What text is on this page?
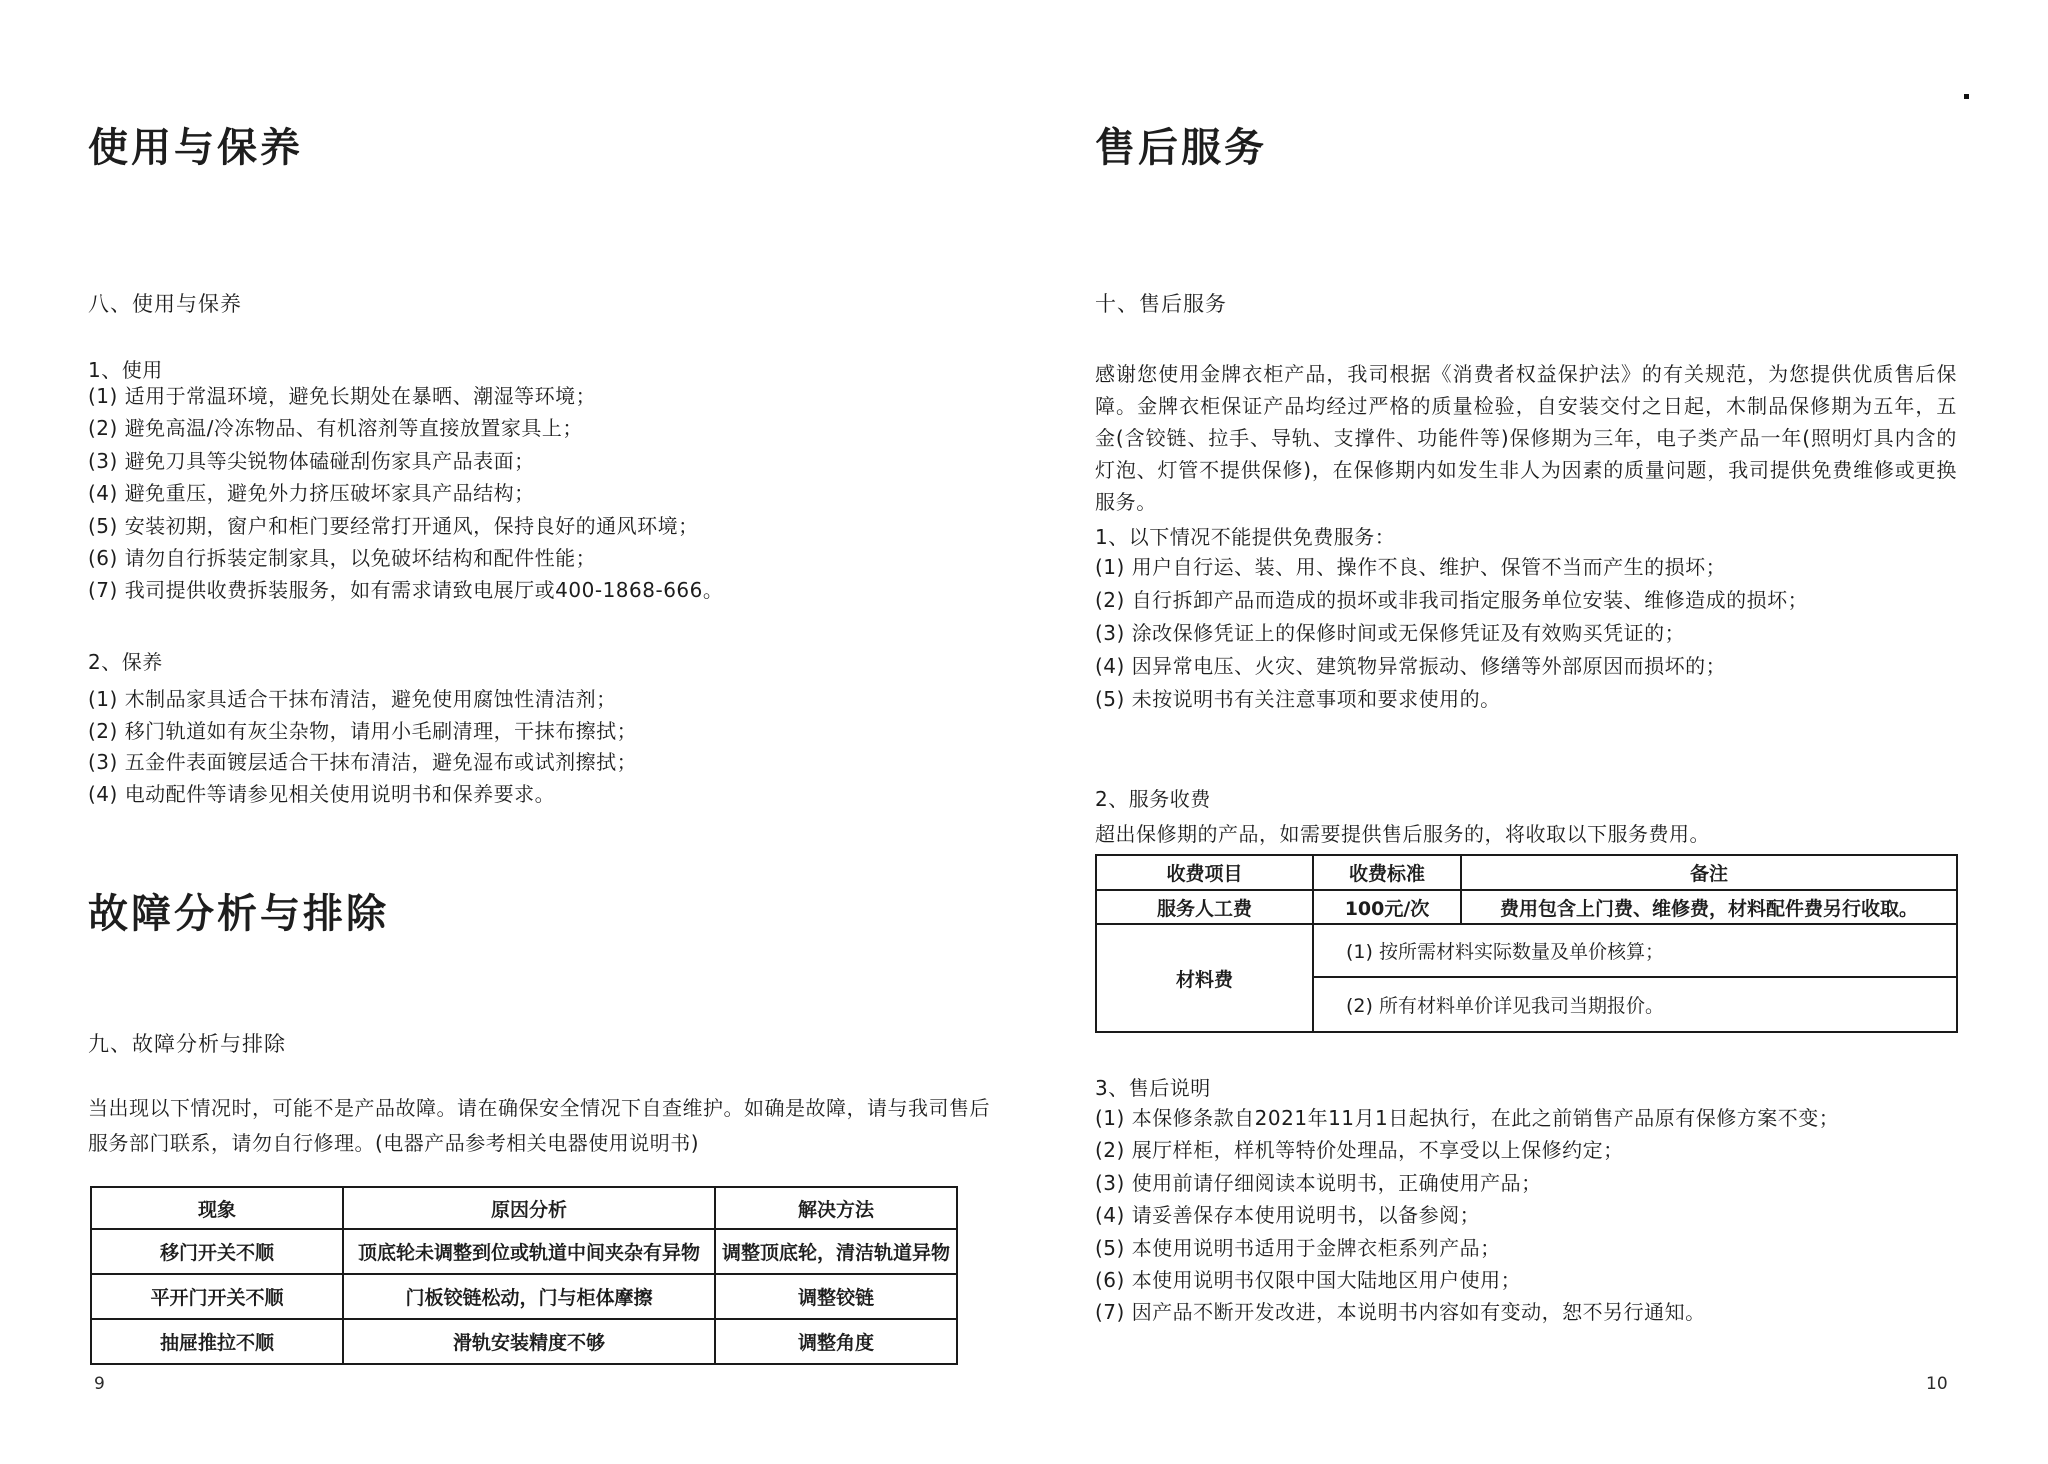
使用与保养
八、使用与保养
1、使用
(1) 适用于常温环境，避免长期处在暴晒、潮湿等环境；
(2) 避免高温/冷冻物品、有机溶剂等直接放置家具上；
(3) 避免刀具等尖锐物体磕碰刮伤家具产品表面；
(4) 避免重压，避免外力挤压破坏家具产品结构；
(5) 安装初期，窗户和柜门要经常打开通风，保持良好的通风环境；
(6) 请勿自行拆装定制家具，以免破坏结构和配件性能；
(7) 我司提供收费拆装服务，如有需求请致电展厅或400-1868-666。
2、保养
(1) 木制品家具适合干抹布清洁，避免使用腐蚀性清洁剂；
(2) 移门轨道如有灰尘杂物，请用小毛刷清理，干抹布擦拭；
(3) 五金件表面镀层适合干抹布清洁，避免湿布或试剂擦拭；
(4) 电动配件等请参见相关使用说明书和保养要求。
故障分析与排除
九、故障分析与排除
当出现以下情况时，可能不是产品故障。请在确保安全情况下自查维护。如确是故障，请与我司售后
服务部门联系，请勿自行修理。(电器产品参考相关电器使用说明书)
现象	原因分析	解决方法
移门开关不顺	顶底轮未调整到位或轨道中间夹杂有异物	调整顶底轮，清洁轨道异物
平开门开关不顺	门板铰链松动，门与柜体摩擦	调整铰链
抽屉推拉不顺	滑轨安装精度不够	调整角度
9
售后服务
十、售后服务
感谢您使用金牌衣柜产品，我司根据《消费者权益保护法》的有关规范，为您提供优质售后保障。金牌衣柜保证产品均经过严格的质量检验，自安装交付之日起，木制品保修期为五年，五金(含铰链、拉手、导轨、支撑件、功能件等)保修期为三年，电子类产品一年(照明灯具内含的灯泡、灯管不提供保修)，在保修期内如发生非人为因素的质量问题，我司提供免费维修或更换服务。
1、以下情况不能提供免费服务：
(1) 用户自行运、装、用、操作不良、维护、保管不当而产生的损坏；
(2) 自行拆卸产品而造成的损坏或非我司指定服务单位安装、维修造成的损坏；
(3) 涂改保修凭证上的保修时间或无保修凭证及有效购买凭证的；
(4) 因异常电压、火灾、建筑物异常振动、修缮等外部原因而损坏的；
(5) 未按说明书有关注意事项和要求使用的。
2、服务收费
超出保修期的产品，如需要提供售后服务的，将收取以下服务费用。
收费项目	收费标准	备注
服务人工费	100元/次	费用包含上门费、维修费，材料配件费另行收取。
材料费	(1) 按所需材料实际数量及单价核算；	
	(2) 所有材料单价详见我司当期报价。	
3、售后说明
(1) 本保修条款自2021年11月1日起执行，在此之前销售产品原有保修方案不变；
(2) 展厅样柜，样机等特价处理品，不享受以上保修约定；
(3) 使用前请仔细阅读本说明书，正确使用产品；
(4) 请妥善保存本使用说明书，以备参阅；
(5) 本使用说明书适用于金牌衣柜系列产品；
(6) 本使用说明书仅限中国大陆地区用户使用；
(7) 因产品不断开发改进，本说明书内容如有变动，恕不另行通知。
10
